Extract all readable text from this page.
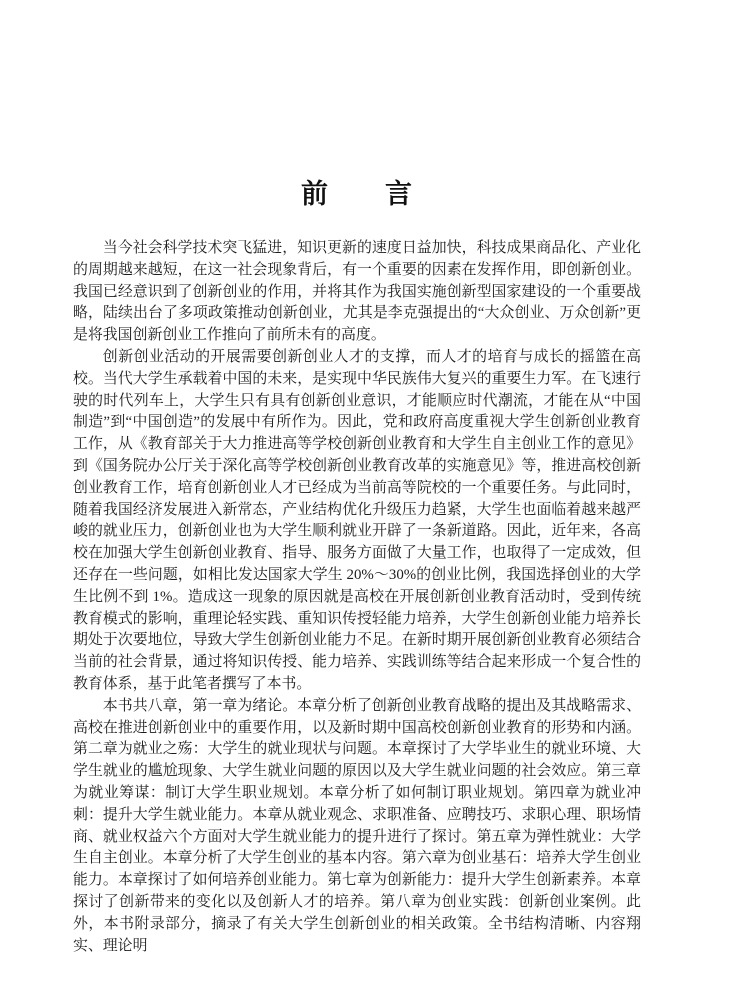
前　　言

当今社会科学技术突飞猛进，知识更新的速度日益加快，科技成果商品化、产业化的周期越来越短，在这一社会现象背后，有一个重要的因素在发挥作用，即创新创业。我国已经意识到了创新创业的作用，并将其作为我国实施创新型国家建设的一个重要战略，陆续出台了多项政策推动创新创业，尤其是李克强提出的“大众创业、万众创新”更是将我国创新创业工作推向了前所未有的高度。

创新创业活动的开展需要创新创业人才的支撑，而人才的培育与成长的摇篮在高校。当代大学生承载着中国的未来，是实现中华民族伟大复兴的重要生力军。在飞速行驶的时代列车上，大学生只有具有创新创业意识，才能顺应时代潮流，才能在从“中国制造”到“中国创造”的发展中有所作为。因此，党和政府高度重视大学生创新创业教育工作，从《教育部关于大力推进高等学校创新创业教育和大学生自主创业工作的意见》到《国务院办公厅关于深化高等学校创新创业教育改革的实施意见》等，推进高校创新创业教育工作，培育创新创业人才已经成为当前高等院校的一个重要任务。与此同时，随着我国经济发展进入新常态，产业结构优化升级压力趋紧，大学生也面临着越来越严峻的就业压力，创新创业也为大学生顺利就业开辟了一条新道路。因此，近年来，各高校在加强大学生创新创业教育、指导、服务方面做了大量工作，也取得了一定成效，但还存在一些问题，如相比发达国家大学生 20%～30%的创业比例，我国选择创业的大学生比例不到 1%。造成这一现象的原因就是高校在开展创新创业教育活动时，受到传统教育模式的影响，重理论轻实践、重知识传授轻能力培养，大学生创新创业能力培养长期处于次要地位，导致大学生创新创业能力不足。在新时期开展创新创业教育必须结合当前的社会背景，通过将知识传授、能力培养、实践训练等结合起来形成一个复合性的教育体系，基于此笔者撰写了本书。

本书共八章，第一章为绪论。本章分析了创新创业教育战略的提出及其战略需求、高校在推进创新创业中的重要作用，以及新时期中国高校创新创业教育的形势和内涵。第二章为就业之殇：大学生的就业现状与问题。本章探讨了大学毕业生的就业环境、大学生就业的尴尬现象、大学生就业问题的原因以及大学生就业问题的社会效应。第三章为就业筹谋：制订大学生职业规划。本章分析了如何制订职业规划。第四章为就业冲刺：提升大学生就业能力。本章从就业观念、求职准备、应聘技巧、求职心理、职场情商、就业权益六个方面对大学生就业能力的提升进行了探讨。第五章为弹性就业：大学生自主创业。本章分析了大学生创业的基本内容。第六章为创业基石：培养大学生创业能力。本章探讨了如何培养创业能力。第七章为创新能力：提升大学生创新素养。本章探讨了创新带来的变化以及创新人才的培养。第八章为创业实践：创新创业案例。此外，本书附录部分，摘录了有关大学生创新创业的相关政策。全书结构清晰、内容翔实、理论明
